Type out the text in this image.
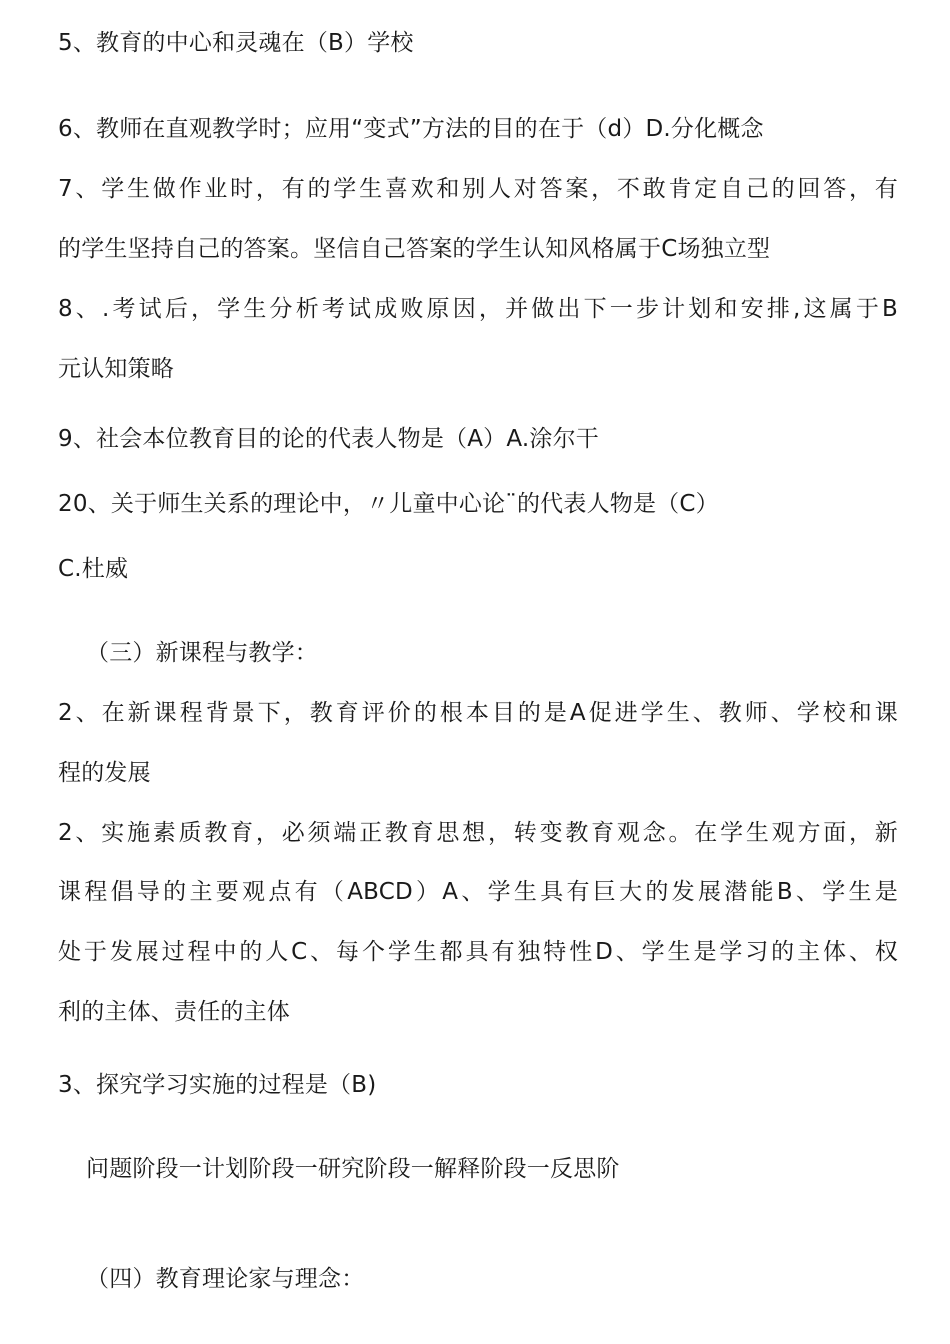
5、教育的中心和灵魂在（B）学校
6、教师在直观教学时；应用“变式”方法的目的在于（d）D.分化概念
7、学生做作业时，有的学生喜欢和别人对答案，不敢肯定自己的回答，有
的学生坚持自己的答案。坚信自己答案的学生认知风格属于C场独立型
8、.考试后，学生分析考试成败原因，并做出下一步计划和安排,这属于B
元认知策略
9、社会本位教育目的论的代表人物是（A）A.涂尔干
20、关于师生关系的理论中，〃儿童中心论¨的代表人物是（C）
C.杜威
（三）新课程与教学：
2、在新课程背景下，教育评价的根本目的是A促进学生、教师、学校和课
程的发展
2、实施素质教育，必须端正教育思想，转变教育观念。在学生观方面，新
课程倡导的主要观点有（ABCD）A、学生具有巨大的发展潜能B、学生是
处于发展过程中的人C、每个学生都具有独特性D、学生是学习的主体、权
利的主体、责任的主体
3、探究学习实施的过程是（B)
问题阶段一计划阶段一研究阶段一解释阶段一反思阶
（四）教育理论家与理念：
